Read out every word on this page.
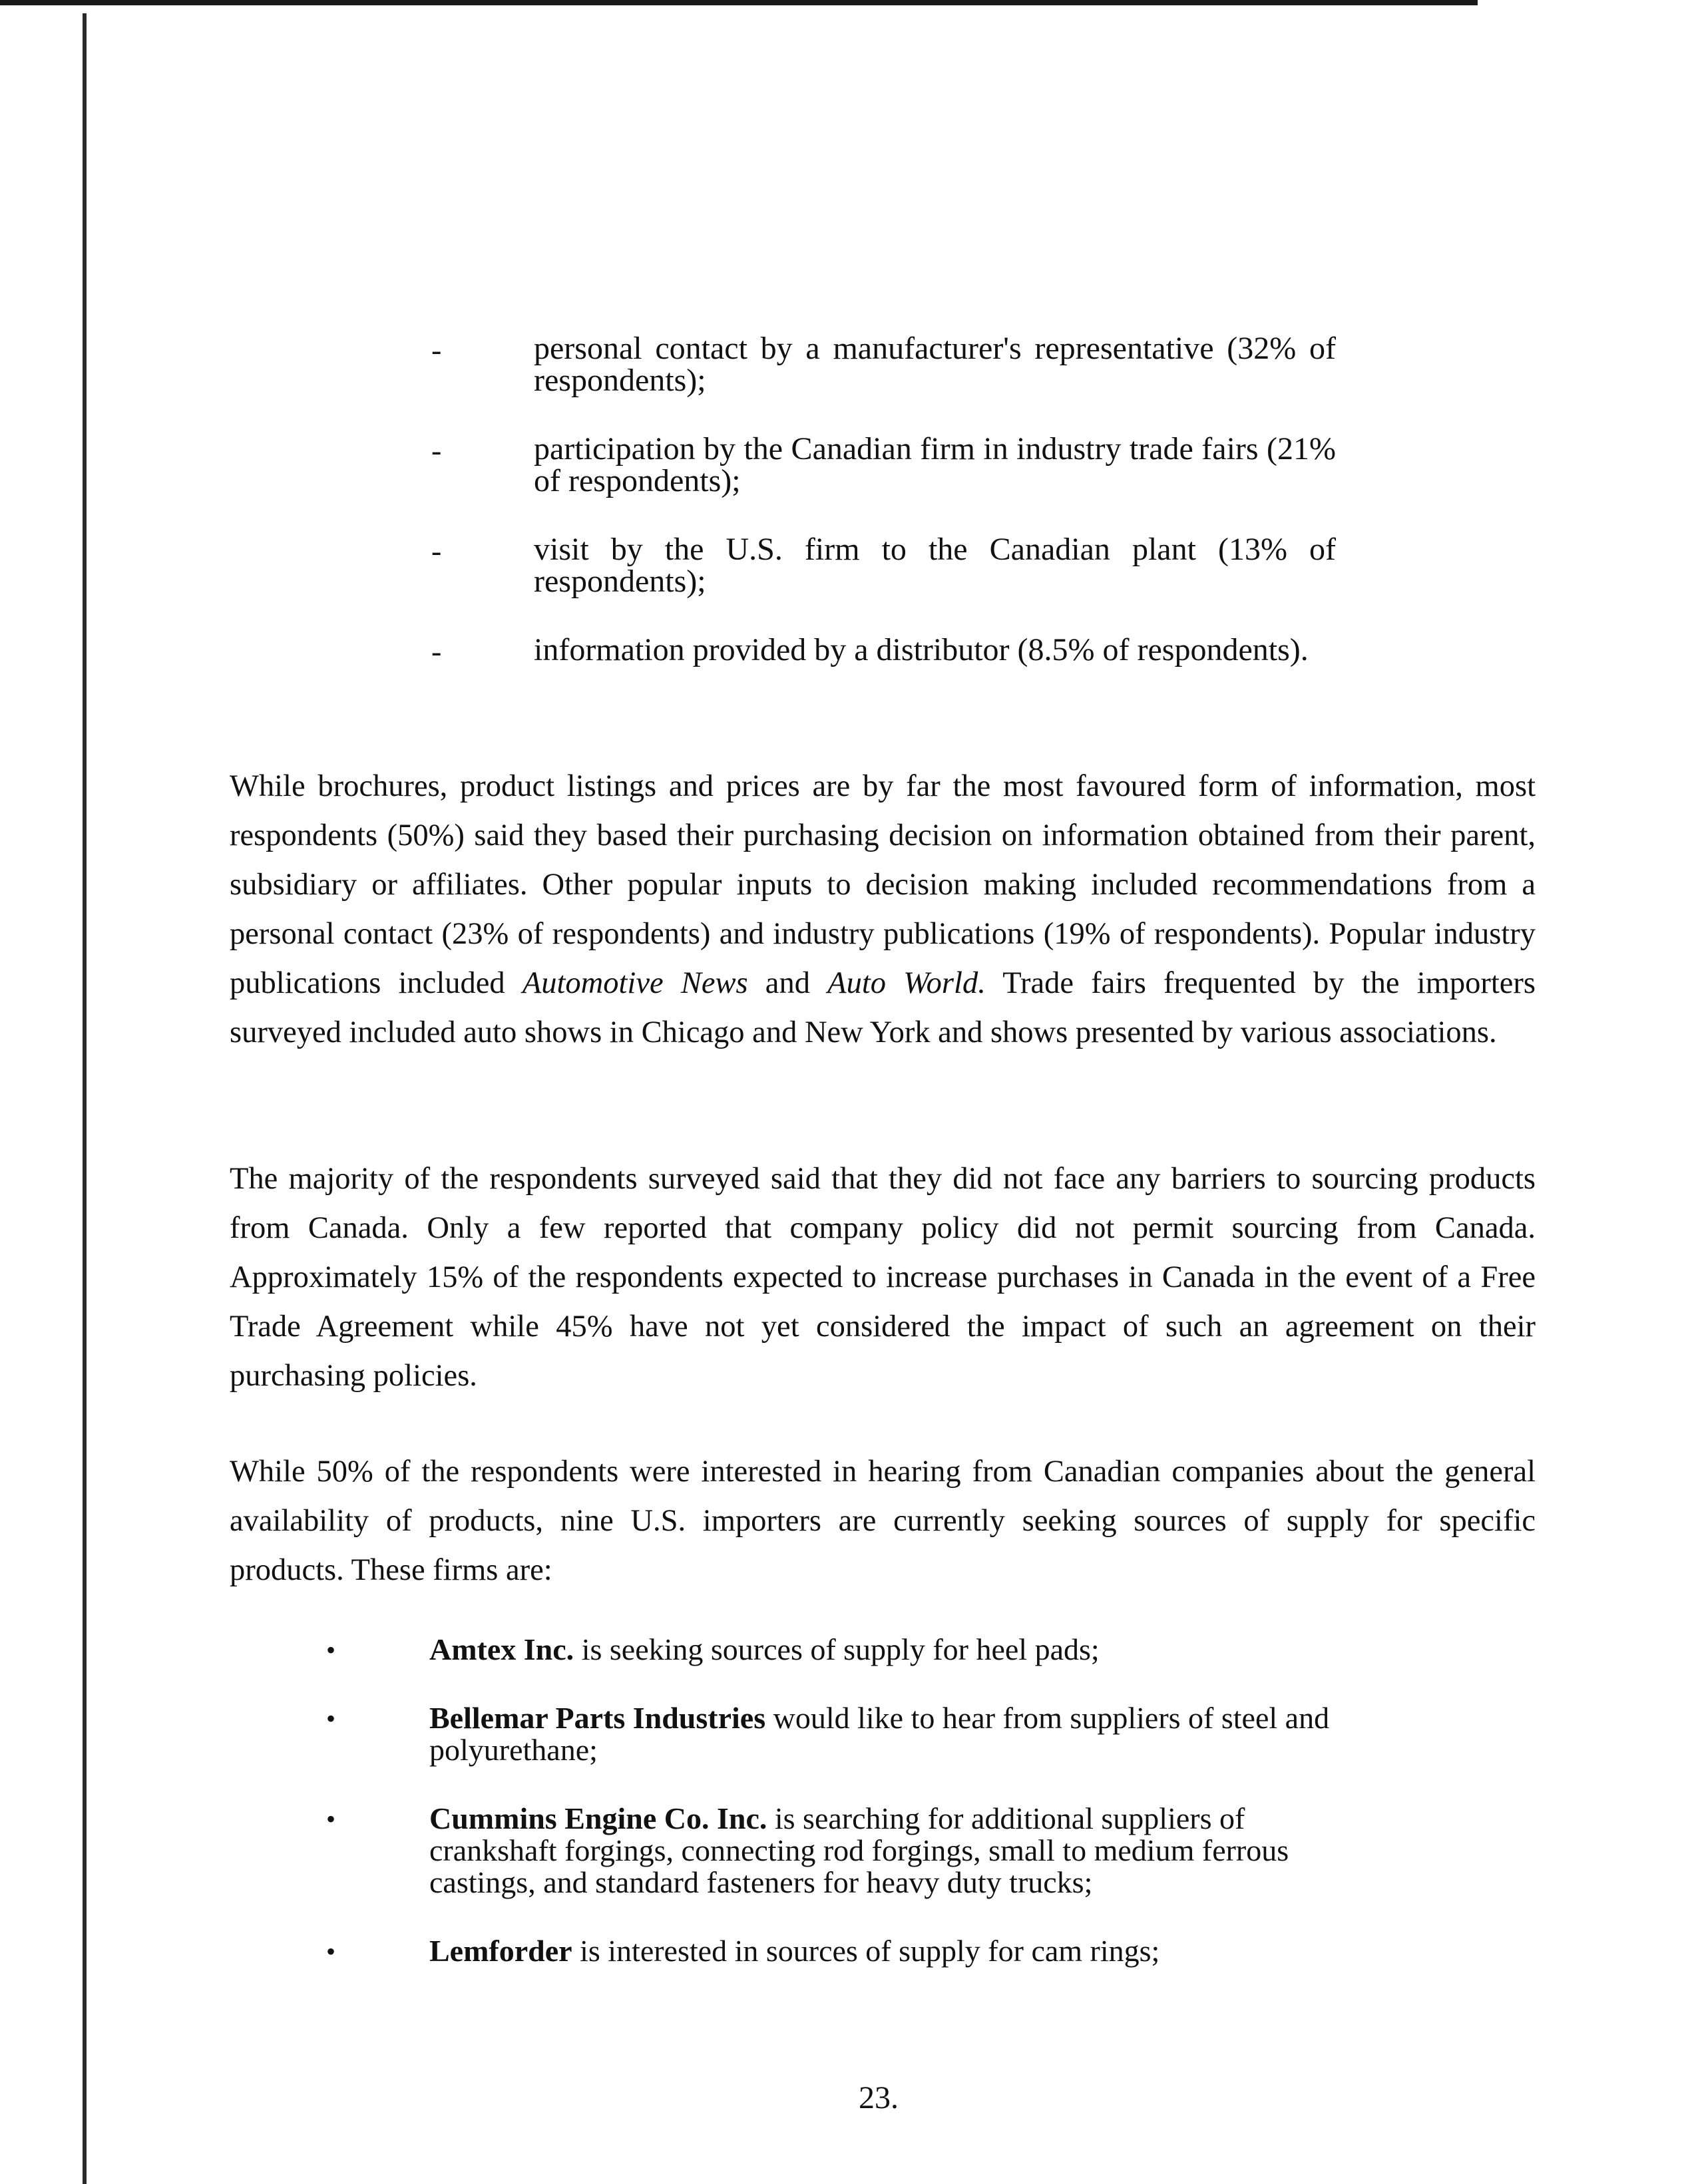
-	personal contact by a manufacturer's representative (32% of respondents);
-	participation by the Canadian firm in industry trade fairs (21% of respondents);
-	visit by the U.S. firm to the Canadian plant (13% of respondents);
-	information provided by a distributor (8.5% of respondents).

While brochures, product listings and prices are by far the most favoured form of information, most respondents (50%) said they based their purchasing decision on information obtained from their parent, subsidiary or affiliates. Other popular inputs to decision making included recommendations from a personal contact (23% of respondents) and industry publications (19% of respondents). Popular industry publications included Automotive News and Auto World. Trade fairs frequented by the importers surveyed included auto shows in Chicago and New York and shows presented by various associations.

The majority of the respondents surveyed said that they did not face any barriers to sourcing products from Canada. Only a few reported that company policy did not permit sourcing from Canada. Approximately 15% of the respondents expected to increase purchases in Canada in the event of a Free Trade Agreement while 45% have not yet considered the impact of such an agreement on their purchasing policies.

While 50% of the respondents were interested in hearing from Canadian companies about the general availability of products, nine U.S. importers are currently seeking sources of supply for specific products. These firms are:

•	Amtex Inc. is seeking sources of supply for heel pads;
•	Bellemar Parts Industries would like to hear from suppliers of steel and polyurethane;
•	Cummins Engine Co. Inc. is searching for additional suppliers of crankshaft forgings, connecting rod forgings, small to medium ferrous castings, and standard fasteners for heavy duty trucks;
•	Lemforder is interested in sources of supply for cam rings;
23.
